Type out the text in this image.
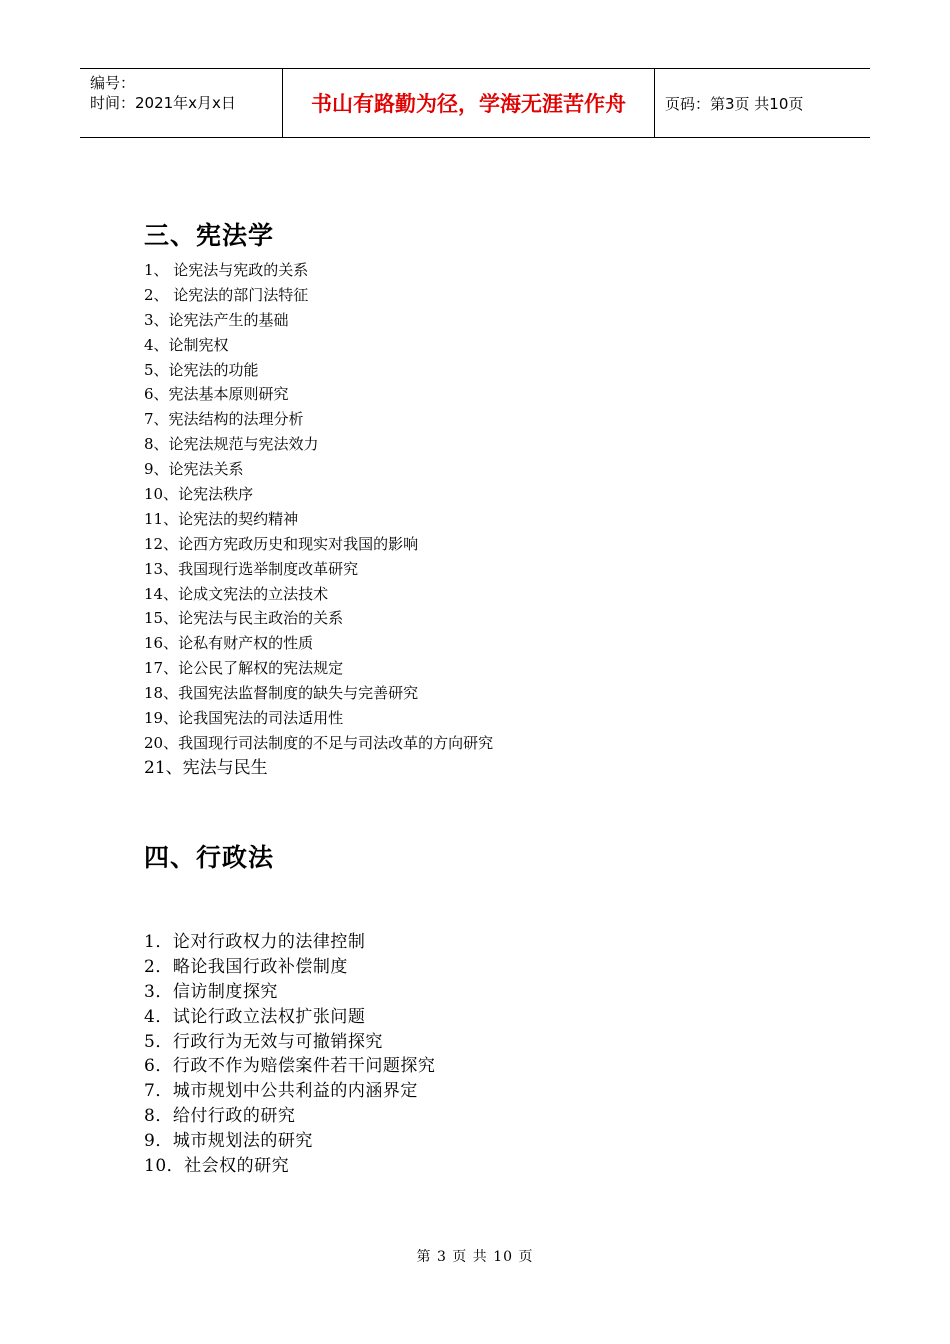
编号：
时间：2021年x月x日	书山有路勤为径，学海无涯苦作舟	页码：第3页 共10页
三、宪法学
1、 论宪法与宪政的关系
2、 论宪法的部门法特征
3、论宪法产生的基础
4、论制宪权
5、论宪法的功能
6、宪法基本原则研究
7、宪法结构的法理分析
8、论宪法规范与宪法效力
9、论宪法关系
10、论宪法秩序
11、论宪法的契约精神
12、论西方宪政历史和现实对我国的影响
13、我国现行选举制度改革研究
14、论成文宪法的立法技术
15、论宪法与民主政治的关系
16、论私有财产权的性质
17、论公民了解权的宪法规定
18、我国宪法监督制度的缺失与完善研究
19、论我国宪法的司法适用性
20、我国现行司法制度的不足与司法改革的方向研究
21、宪法与民生
四、行政法
1．论对行政权力的法律控制
2．略论我国行政补偿制度
3．信访制度探究
4．试论行政立法权扩张问题
5．行政行为无效与可撤销探究
6．行政不作为赔偿案件若干问题探究
7．城市规划中公共利益的内涵界定
8．给付行政的研究
9．城市规划法的研究
10．社会权的研究
第 3 页 共 10 页
